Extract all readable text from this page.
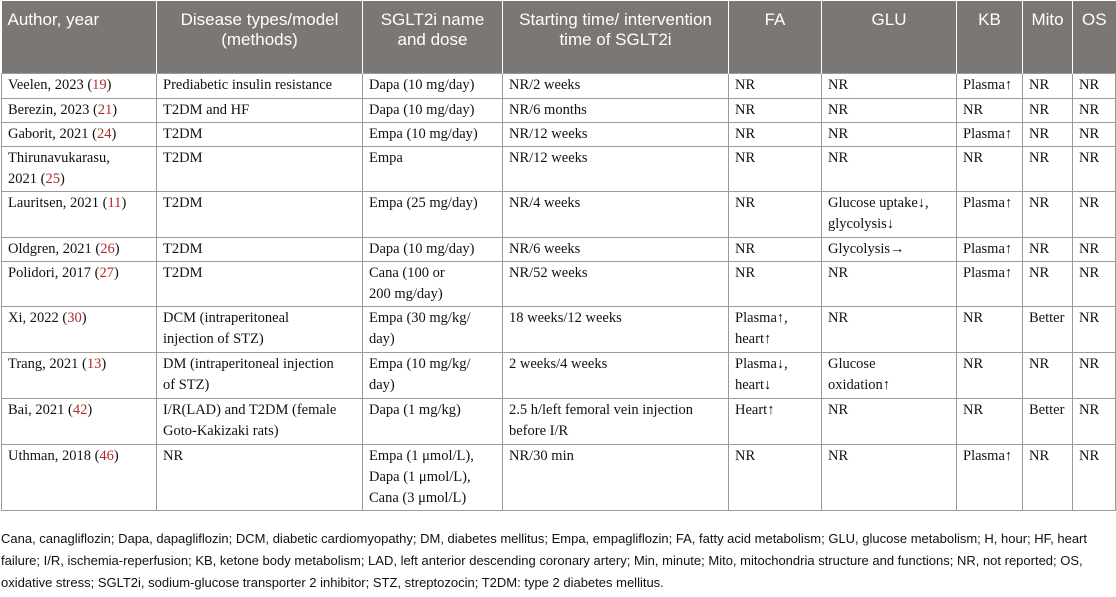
Author, year	Disease types/model (methods)	SGLT2i name and dose	Starting time/ intervention time of SGLT2i	FA	GLU	KB	Mito	OS
Veelen, 2023 (19)	Prediabetic insulin resistance	Dapa (10 mg/day)	NR/2 weeks	NR	NR	Plasma↑	NR	NR
Berezin, 2023 (21)	T2DM and HF	Dapa (10 mg/day)	NR/6 months	NR	NR	NR	NR	NR
Gaborit, 2021 (24)	T2DM	Empa (10 mg/day)	NR/12 weeks	NR	NR	Plasma↑	NR	NR
Thirunavukarasu,
2021 (25)	T2DM	Empa	NR/12 weeks	NR	NR	NR	NR	NR
Lauritsen, 2021 (11)	T2DM	Empa (25 mg/day)	NR/4 weeks	NR	Glucose uptake↓,
glycolysis↓	Plasma↑	NR	NR
Oldgren, 2021 (26)	T2DM	Dapa (10 mg/day)	NR/6 weeks	NR	Glycolysis→	Plasma↑	NR	NR
Polidori, 2017 (27)	T2DM	Cana (100 or
200 mg/day)	NR/52 weeks	NR	NR	Plasma↑	NR	NR
Xi, 2022 (30)	DCM (intraperitoneal
injection of STZ)	Empa (30 mg/kg/
day)	18 weeks/12 weeks	Plasma↑,
heart↑	NR	NR	Better	NR
Trang, 2021 (13)	DM (intraperitoneal injection
of STZ)	Empa (10 mg/kg/
day)	2 weeks/4 weeks	Plasma↓,
heart↓	Glucose
oxidation↑	NR	NR	NR
Bai, 2021 (42)	I/R(LAD) and T2DM (female
Goto-Kakizaki rats)	Dapa (1 mg/kg)	2.5 h/left femoral vein injection
before I/R	Heart↑	NR	NR	Better	NR
Uthman, 2018 (46)	NR	Empa (1 μmol/L),
Dapa (1 μmol/L),
Cana (3 μmol/L)	NR/30 min	NR	NR	Plasma↑	NR	NR
Cana, canagliflozin; Dapa, dapagliflozin; DCM, diabetic cardiomyopathy; DM, diabetes mellitus; Empa, empagliflozin; FA, fatty acid metabolism; GLU, glucose metabolism; H, hour; HF, heart failure; I/R, ischemia-reperfusion; KB, ketone body metabolism; LAD, left anterior descending coronary artery; Min, minute; Mito, mitochondria structure and functions; NR, not reported; OS, oxidative stress; SGLT2i, sodium-glucose transporter 2 inhibitor; STZ, streptozocin; T2DM: type 2 diabetes mellitus.
